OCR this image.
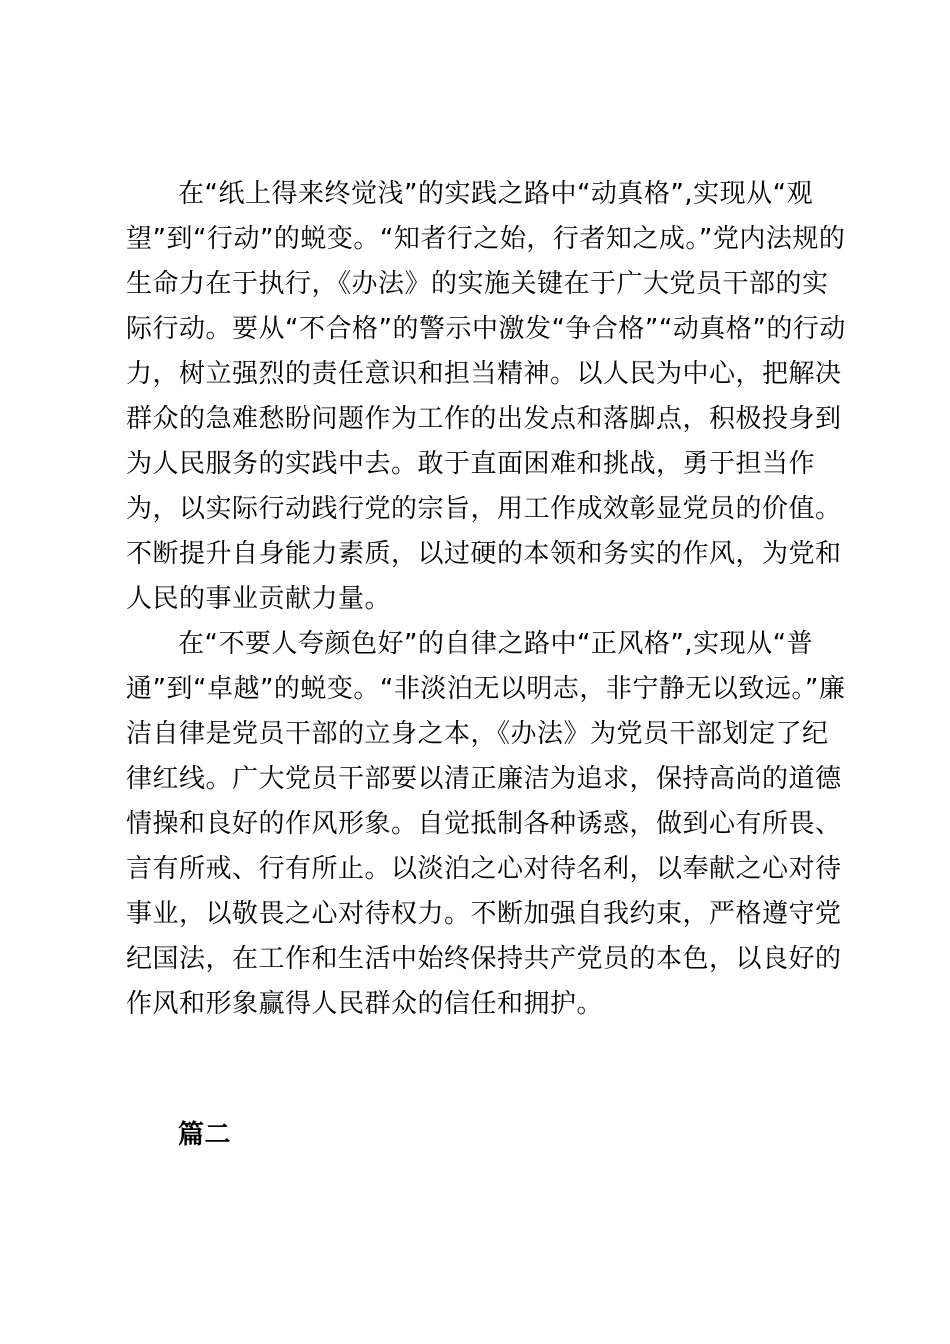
在“纸上得来终觉浅”的实践之路中“动真格”,实现从“观
望”到“行动”的蜕变。“知者行之始，行者知之成。”党内法规的
生命力在于执行，《办法》的实施关键在于广大党员干部的实
际行动。要从“不合格”的警示中激发“争合格”“动真格”的行动
力，树立强烈的责任意识和担当精神。以人民为中心，把解决
群众的急难愁盼问题作为工作的出发点和落脚点，积极投身到
为人民服务的实践中去。敢于直面困难和挑战，勇于担当作
为，以实际行动践行党的宗旨，用工作成效彰显党员的价值。
不断提升自身能力素质，以过硬的本领和务实的作风，为党和
人民的事业贡献力量。
在“不要人夸颜色好”的自律之路中“正风格”,实现从“普
通”到“卓越”的蜕变。“非淡泊无以明志，非宁静无以致远。”廉
洁自律是党员干部的立身之本，《办法》为党员干部划定了纪
律红线。广大党员干部要以清正廉洁为追求，保持高尚的道德
情操和良好的作风形象。自觉抵制各种诱惑，做到心有所畏、
言有所戒、行有所止。以淡泊之心对待名利，以奉献之心对待
事业，以敬畏之心对待权力。不断加强自我约束，严格遵守党
纪国法，在工作和生活中始终保持共产党员的本色，以良好的
作风和形象赢得人民群众的信任和拥护。
篇二
